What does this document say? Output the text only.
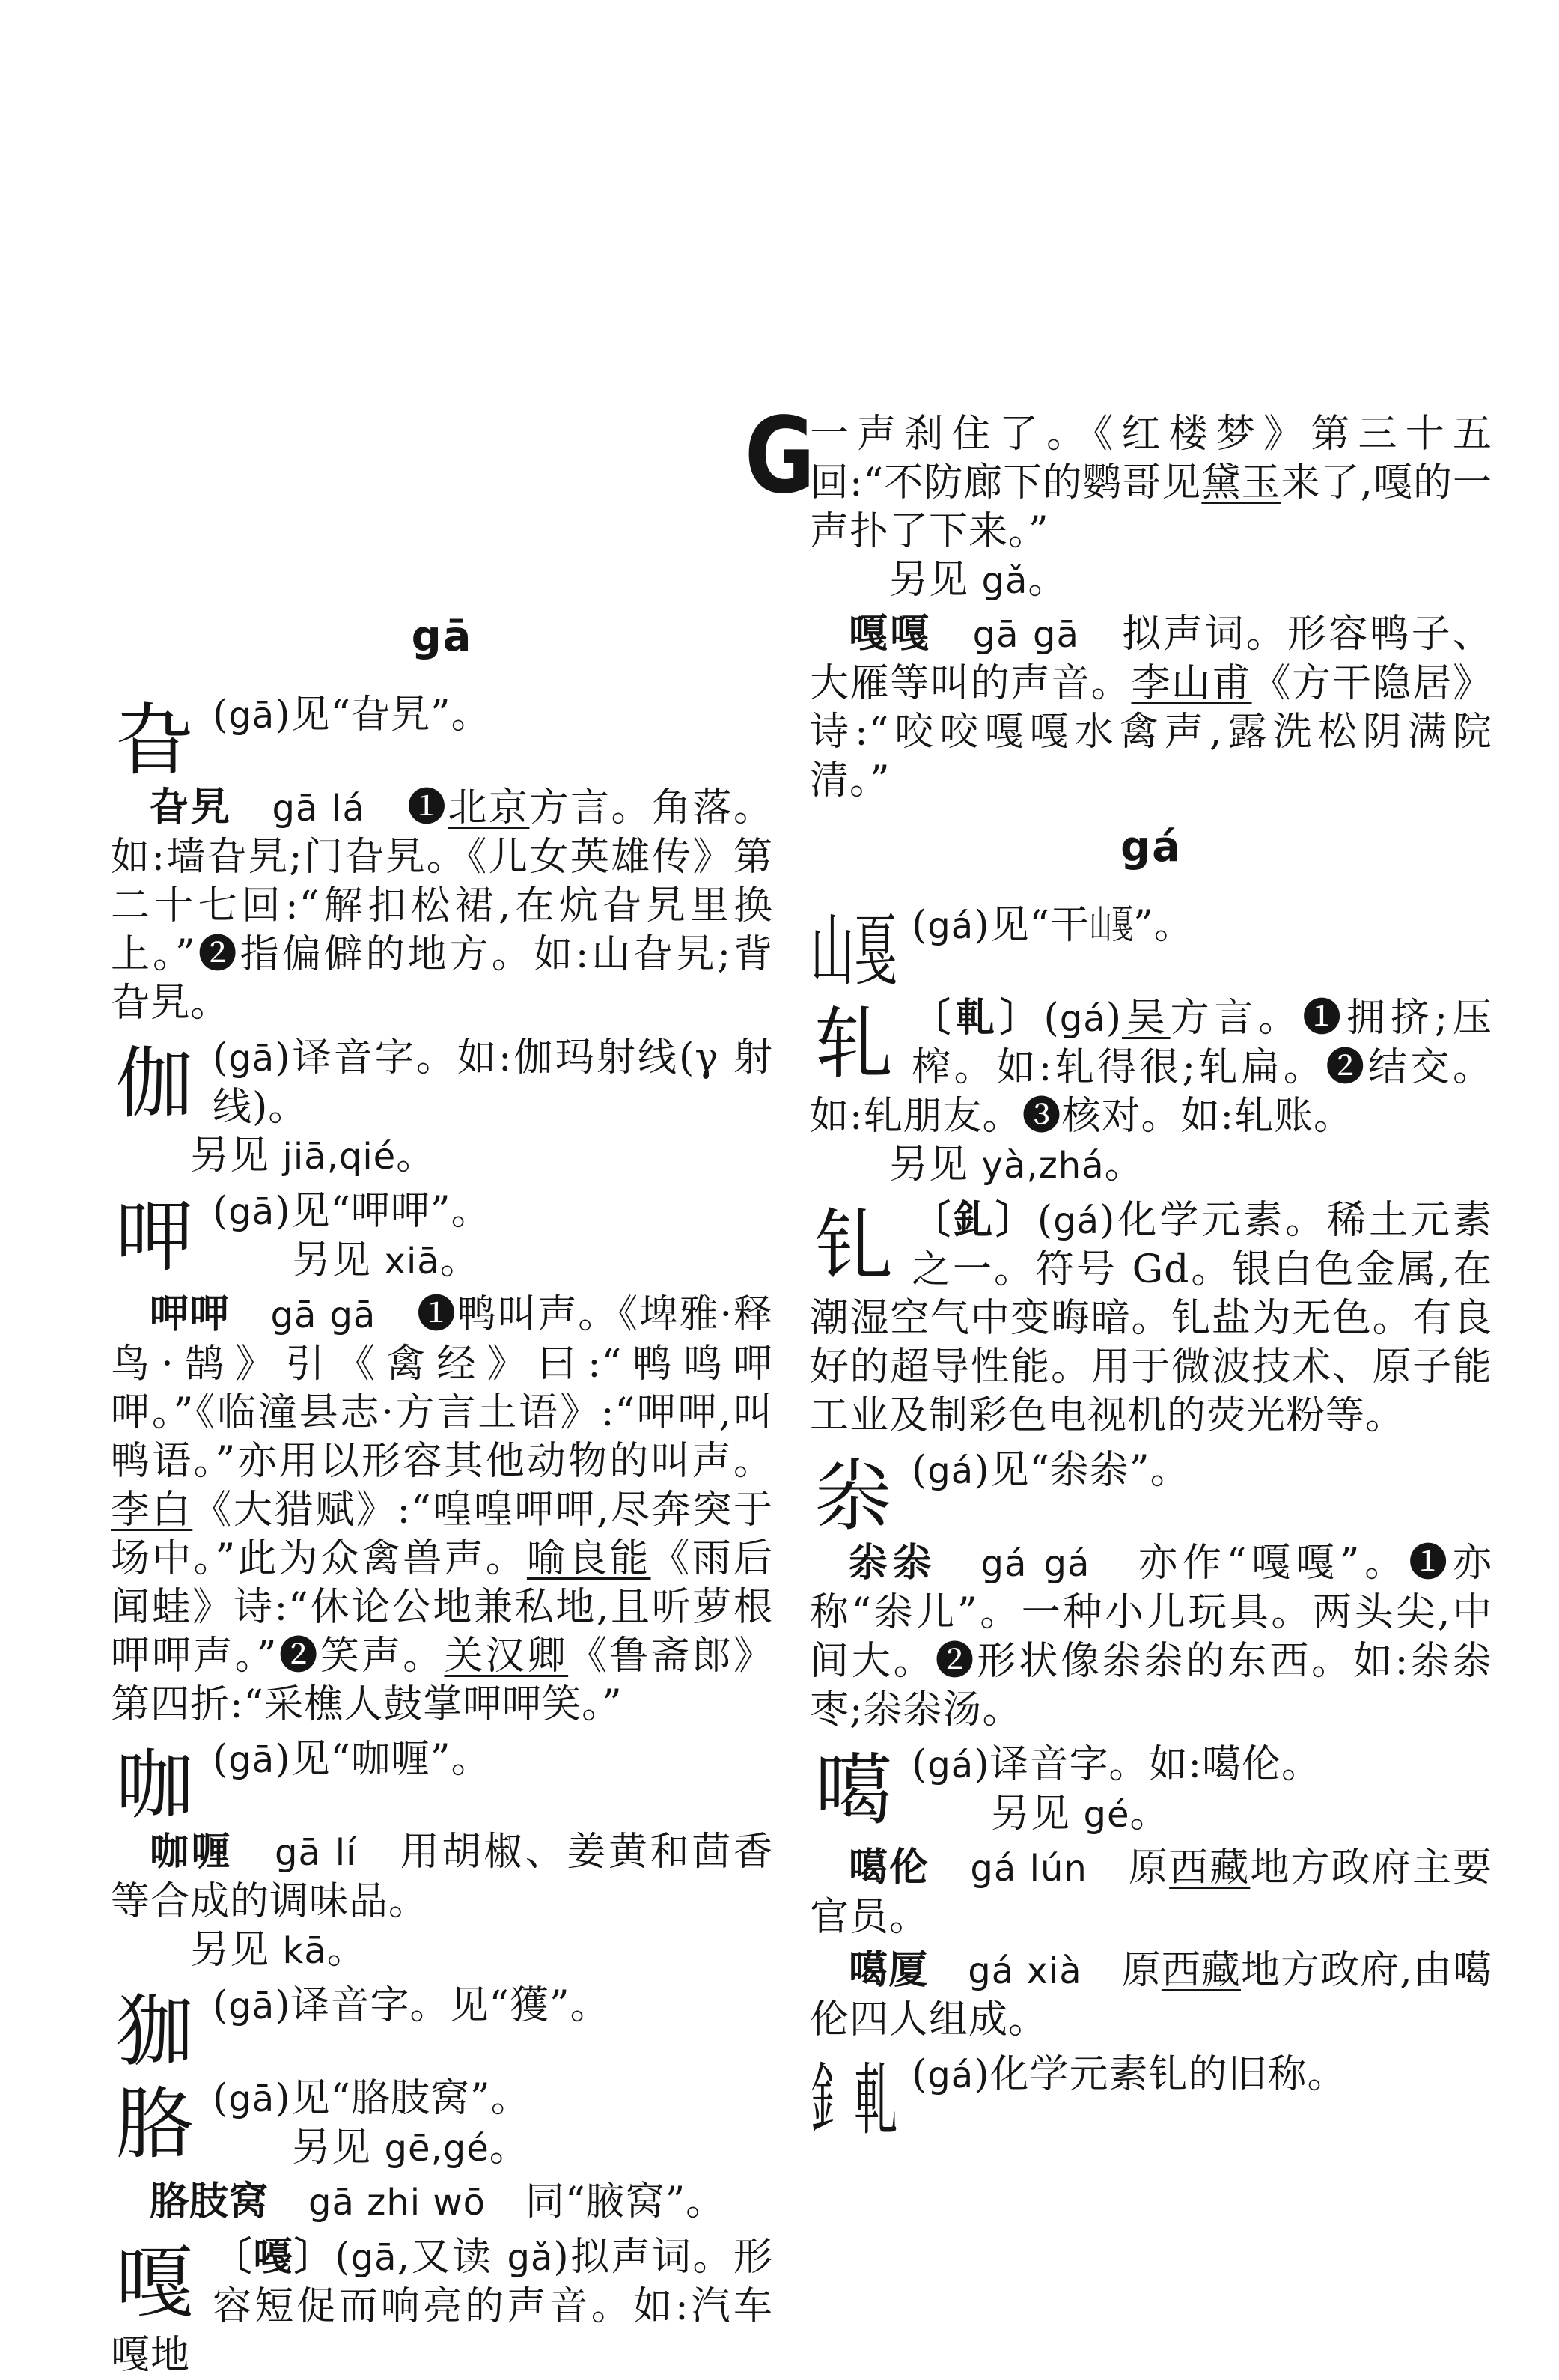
G
gā
旮 (gā)见“旮旯”。

旮旯　 gā lá　❶北京方言。角落。如:墙旮旯;门旮旯。《儿女英雄传》第二十七回:“解扣松裙,在炕旮旯里换上。”❷指偏僻的地方。如:山旮旯;背旮旯。

伽 (gā)译音字。如:伽玛射线(γ 射线)。

另见 jiā,qié。

呷 (gā)见“呷呷”。

另见 xiā。

呷呷　 gā gā　❶鸭叫声。《埤雅·释鸟·鹄》引《禽经》曰:“鸭鸣呷呷。”《临潼县志·方言土语》:“呷呷,叫鸭语。”亦用以形容其他动物的叫声。李白《大猎赋》:“喤喤呷呷,尽奔突于场中。”此为众禽兽声。喻良能《雨后闻蛙》诗:“休论公地兼私地,且听萝根呷呷声。”❷笑声。关汉卿《鲁斋郎》第四折:“采樵人鼓掌呷呷笑。”

咖 (gā)见“咖喱”。

咖喱　 gā lí　用胡椒、姜黄和茴香等合成的调味品。

另见 kā。

㹢 (gā)译音字。见“獲”。

胳 (gā)见“胳肢窝”。

另见 gē,gé。

胳肢窝　 gā zhi wō　同“腋窝”。

嘎 〔嘠〕(gā,又读 gǎ)拟声词。形容短促而响亮的声音。如:汽车嘎地

一声刹住了。《红楼梦》第三十五回:“不防廊下的鹦哥见黛玉来了,嘎的一声扑了下来。”

另见 gǎ。

嘎嘎　 gā gā　拟声词。形容鸭子、大雁等叫的声音。李山甫《方干隐居》诗:“咬咬嘎嘎水禽声,露洗松阴满院清。”

gá
山戛 (gá)见“干山戛”。

轧 〔軋〕(gá)吴方言。❶拥挤;压榨。如:轧得很;轧扁。❷结交。如:轧朋友。❸核对。如:轧账。

另见 yà,zhá。

钆 〔釓〕(gá)化学元素。稀土元素之一。符号 Gd。银白色金属,在潮湿空气中变晦暗。钆盐为无色。有良好的超导性能。用于微波技术、原子能工业及制彩色电视机的荧光粉等。

尜 (gá)见“尜尜”。

尜尜　 gá gá　亦作“嘎嘎”。❶亦称“尜儿”。一种小儿玩具。两头尖,中间大。❷形状像尜尜的东西。如:尜尜枣;尜尜汤。

噶 (gá)译音字。如:噶伦。

另见 gé。

噶伦　 gá lún　原西藏地方政府主要官员。

噶厦　 gá xià　原西藏地方政府,由噶伦四人组成。

釒軋 (gá)化学元素钆的旧称。
